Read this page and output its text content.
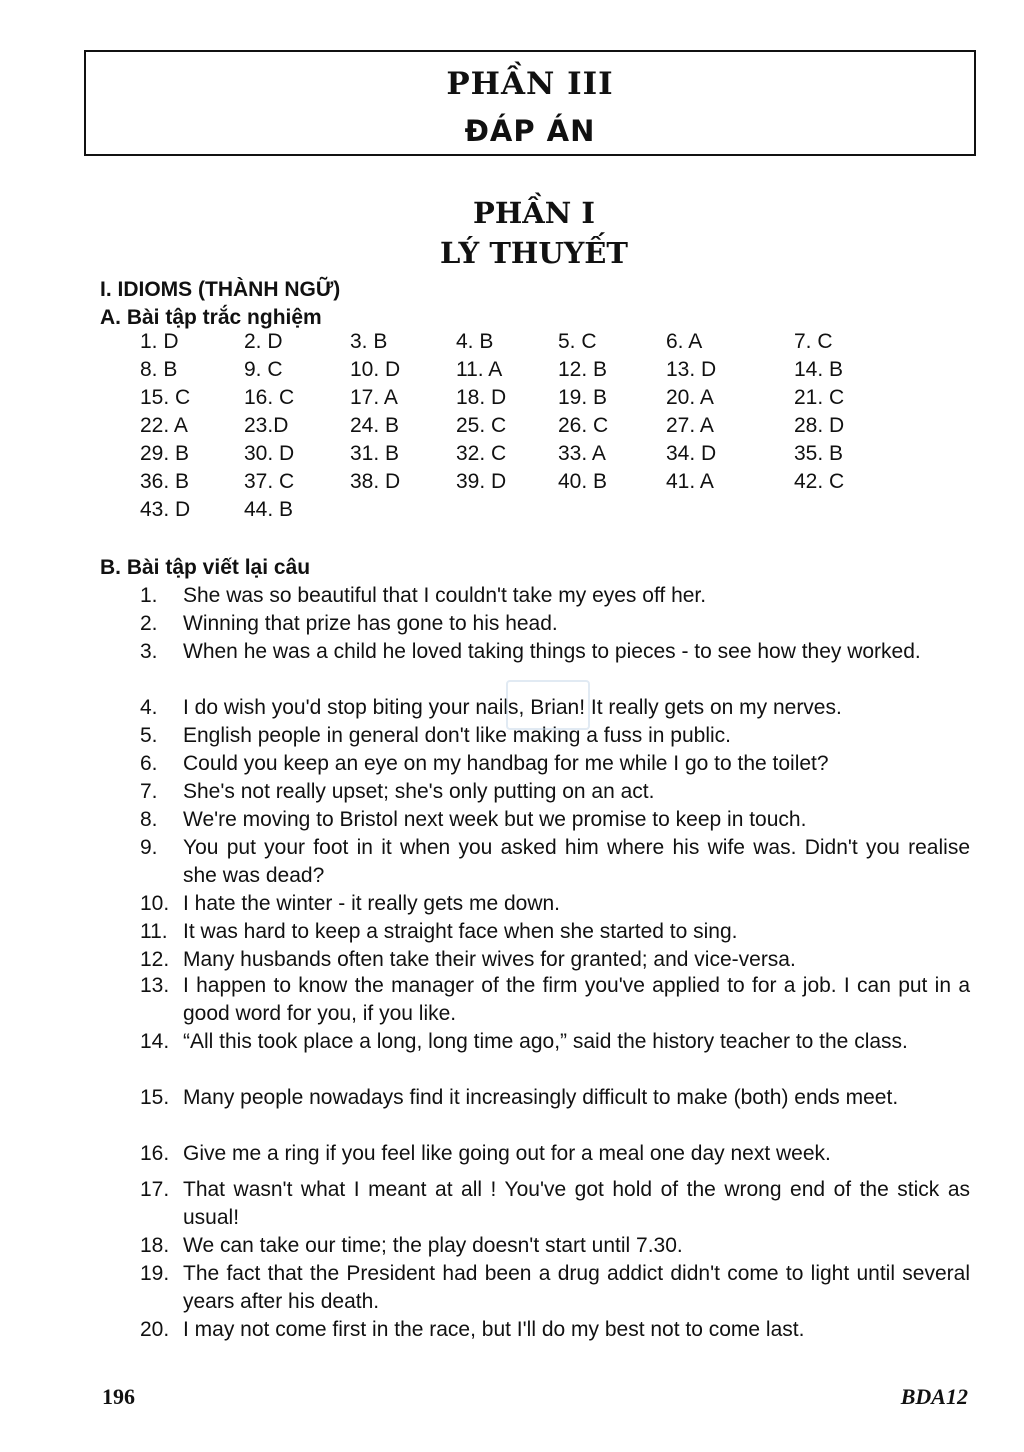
PHẦN III
ĐÁP ÁN
PHẦN I
LÝ THUYẾT
I. IDIOMS (THÀNH NGỮ)
A. Bài tập trắc nghiệm
1. D	2. D	3. B	4. B	5. C	6. A	7. C
8. B	9. C	10. D	11. A	12. B	13. D	14. B
15. C	16. C	17. A	18. D 19. B	20. A	21. C
22. A	23.D	24. B	25. C 26. C	27. A	28. D
29. B	30. D	31. B	32. C 33. A	34. D	35. B
36. B	37. C	38. D	39. D 40. B	41. A	42. C
43. D	44. B
B. Bài tập viết lại câu
1. She was so beautiful that I couldn't take my eyes off her.
2. Winning that prize has gone to his head.
3. When he was a child he loved taking things to pieces - to see how they worked.
4. I do wish you'd stop biting your nails, Brian! It really gets on my nerves.
5. English people in general don't like making a fuss in public.
6. Could you keep an eye on my handbag for me while I go to the toilet?
7. She's not really upset; she's only putting on an act.
8. We're moving to Bristol next week but we promise to keep in touch.
9. You put your foot in it when you asked him where his wife was. Didn't you realise she was dead?
10. I hate the winter - it really gets me down.
11. It was hard to keep a straight face when she started to sing.
12. Many husbands often take their wives for granted; and vice-versa.
13. I happen to know the manager of the firm you've applied to for a job. I can put in a good word for you, if you like.
14. “All this took place a long, long time ago,” said the history teacher to the class.
15. Many people nowadays find it increasingly difficult to make (both) ends meet.
16. Give me a ring if you feel like going out for a meal one day next week.
17. That wasn't what I meant at all ! You've got hold of the wrong end of the stick as usual!
18. We can take our time; the play doesn't start until 7.30.
19. The fact that the President had been a drug addict didn't come to light until several years after his death.
20. I may not come first in the race, but I'll do my best not to come last.
196	BDA12
